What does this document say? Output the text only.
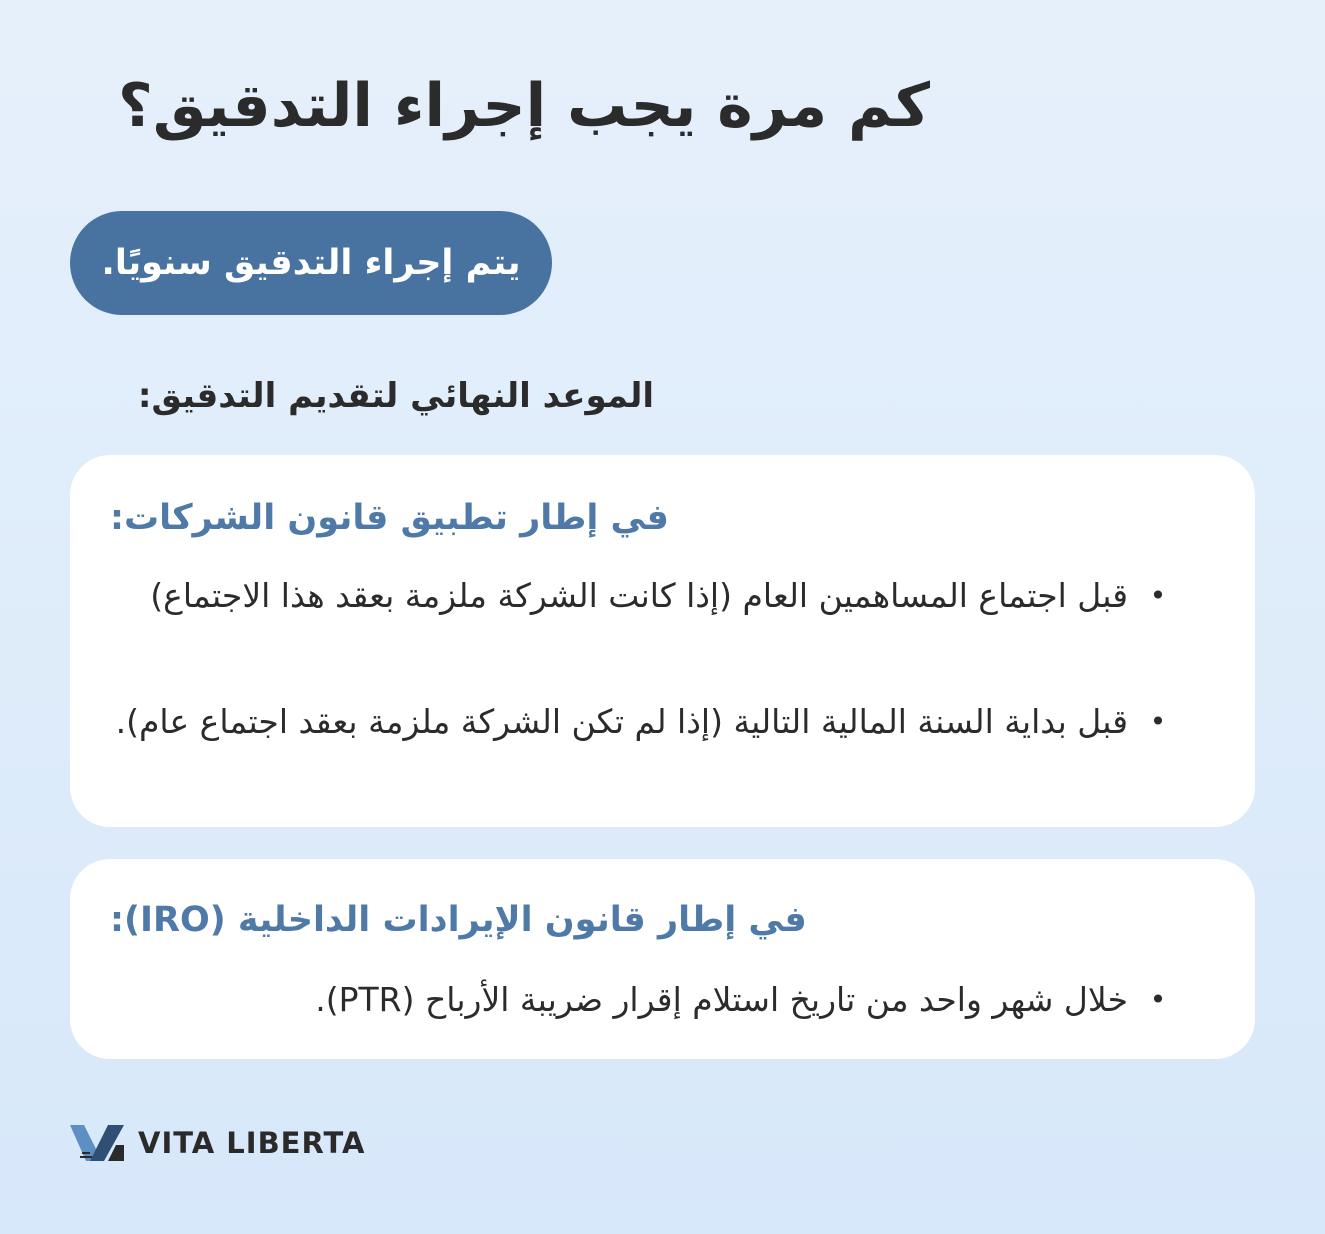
كم مرة يجب إجراء التدقيق؟
يتم إجراء التدقيق سنويًا.
الموعد النهائي لتقديم التدقيق:
في إطار تطبيق قانون الشركات:
•
قبل اجتماع المساهمين العام (إذا كانت الشركة ملزمة بعقد هذا الاجتماع)
•
قبل بداية السنة المالية التالية (إذا لم تكن الشركة ملزمة بعقد اجتماع عام).
في إطار قانون الإيرادات الداخلية (IRO):
•
خلال شهر واحد من تاريخ استلام إقرار ضريبة الأرباح (PTR).
VITA LIBERTA
